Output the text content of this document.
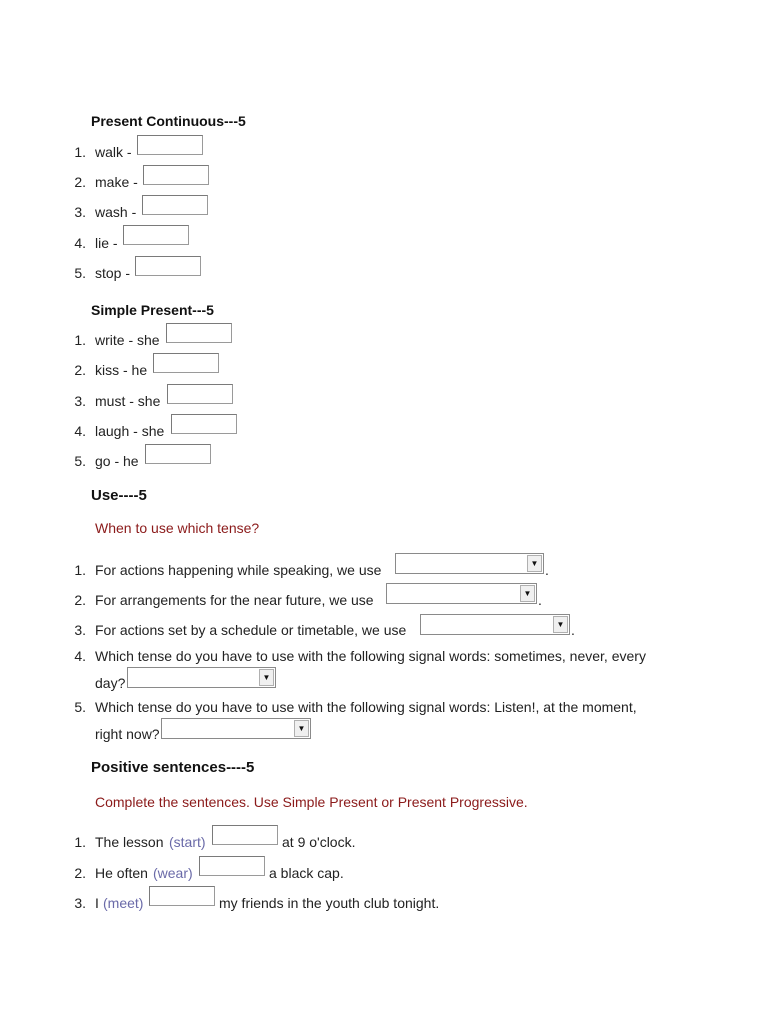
Present Continuous---5
1. walk -
2. make -
3. wash -
4. lie -
5. stop -
Simple Present---5
1. write - she
2. kiss - he
3. must - she
4. laugh - she
5. go - he
Use----5
When to use which tense?
1. For actions happening while speaking, we use	▼ .
2. For arrangements for the near future, we use	▼ .
3. For actions set by a schedule or timetable, we use	▼ .
4. Which tense do you have to use with the following signal words: sometimes, never, every
day?	▼
5. Which tense do you have to use with the following signal words: Listen!, at the moment,
right now?	▼
Positive sentences----5
Complete the sentences. Use Simple Present or Present Progressive.
1. The lesson (start)	at 9 o'clock.
2. He often (wear)	a black cap.
3. I (meet)	my friends in the youth club tonight.
